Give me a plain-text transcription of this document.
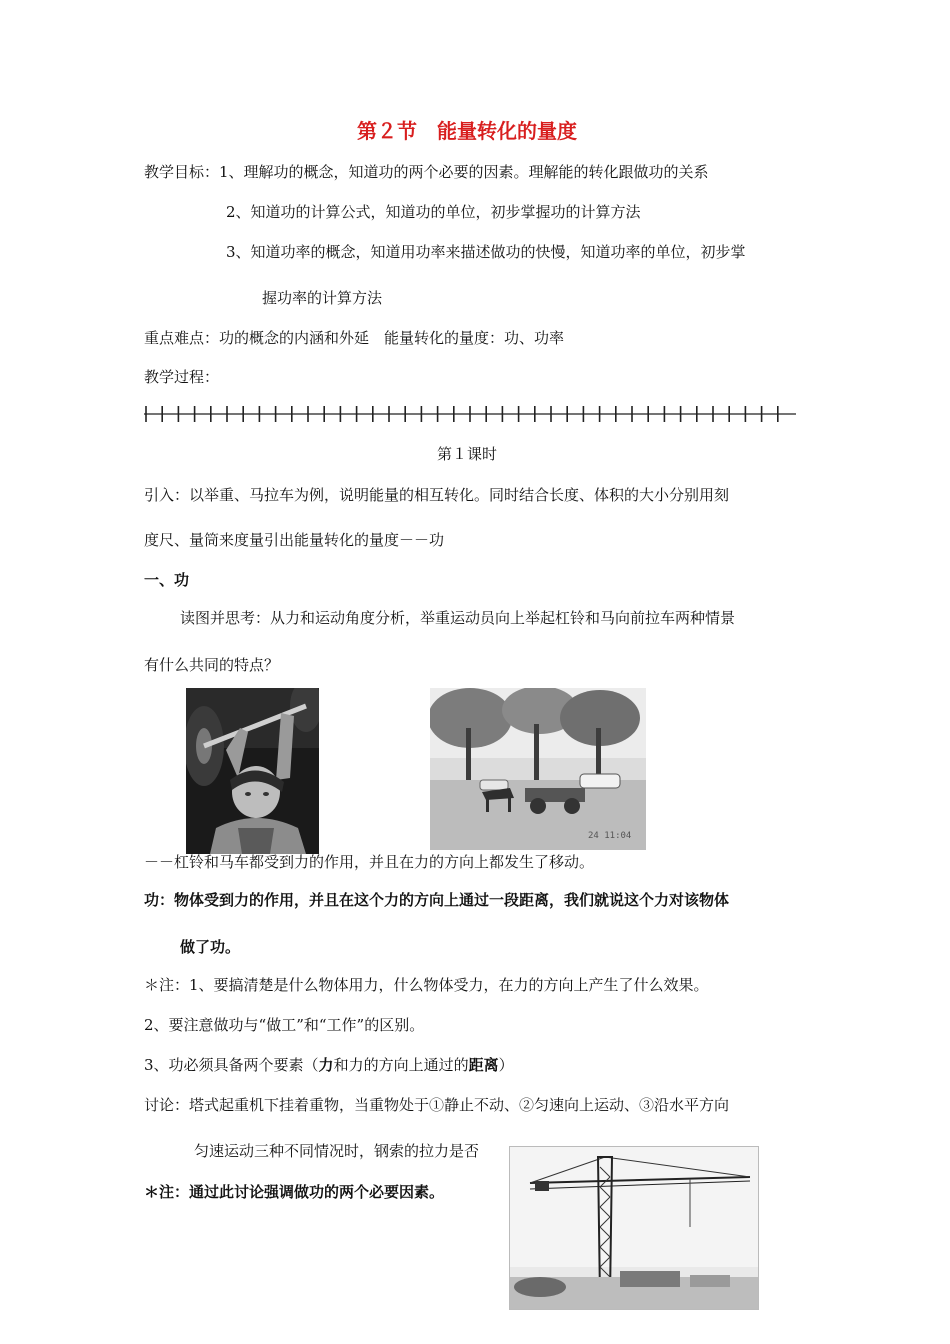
第２节　能量转化的量度
教学目标：1、理解功的概念，知道功的两个必要的因素。理解能的转化跟做功的关系
2、知道功的计算公式，知道功的单位，初步掌握功的计算方法
3、知道功率的概念，知道用功率来描述做功的快慢，知道功率的单位，初步掌
握功率的计算方法
重点难点：功的概念的内涵和外延　能量转化的量度：功、功率
教学过程：
第１课时
引入：以举重、马拉车为例，说明能量的相互转化。同时结合长度、体积的大小分别用刻
度尺、量筒来度量引出能量转化的量度－－功
一、功
读图并思考：从力和运动角度分析，举重运动员向上举起杠铃和马向前拉车两种情景
有什么共同的特点？
24 11:04
－－杠铃和马车都受到力的作用，并且在力的方向上都发生了移动。
功：物体受到力的作用，并且在这个力的方向上通过一段距离，我们就说这个力对该物体
做了功。
＊注：1、要搞清楚是什么物体用力，什么物体受力，在力的方向上产生了什么效果。
2、要注意做功与“做工”和“工作”的区别。
3、功必须具备两个要素（力和力的方向上通过的距离）
讨论：塔式起重机下挂着重物，当重物处于①静止不动、②匀速向上运动、③沿水平方向
匀速运动三种不同情况时，钢索的拉力是否
＊注：通过此讨论强调做功的两个必要因素。
